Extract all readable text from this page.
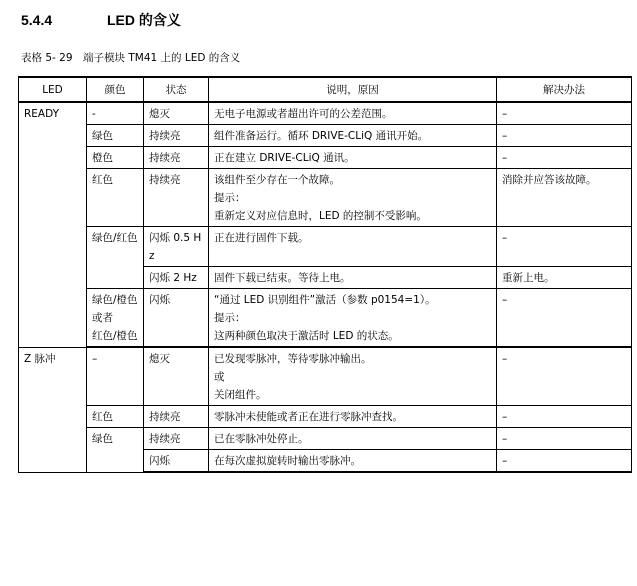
5.4.4	LED 的含义
表格 5- 29　端子模块 TM41 上的 LED 的含义
LED	颜色	状态	说明，原因	解决办法
READY	-	熄灭	无电子电源或者超出许可的公差范围。	–
	绿色	持续亮	组件准备运行。循环 DRIVE-CLiQ 通讯开始。	–
	橙色	持续亮	正在建立 DRIVE-CLiQ 通讯。	–
	红色	持续亮	该组件至少存在一个故障。
提示：
重新定义对应信息时，LED 的控制不受影响。	消除并应答该故障。
	绿色/红色	闪烁 0.5 Hz	正在进行固件下载。	–
		闪烁 2 Hz	固件下载已结束。等待上电。	重新上电。
	绿色/橙色
或者
红色/橙色	闪烁	“通过 LED 识别组件”激活（参数 p0154=1）。
提示：
这两种颜色取决于激活时 LED 的状态。	–
Z 脉冲	–	熄灭	已发现零脉冲，等待零脉冲输出。
或
关闭组件。	–
	红色	持续亮	零脉冲未使能或者正在进行零脉冲查找。	–
	绿色	持续亮	已在零脉冲处停止。	–
		闪烁	在每次虚拟旋转时输出零脉冲。	–
